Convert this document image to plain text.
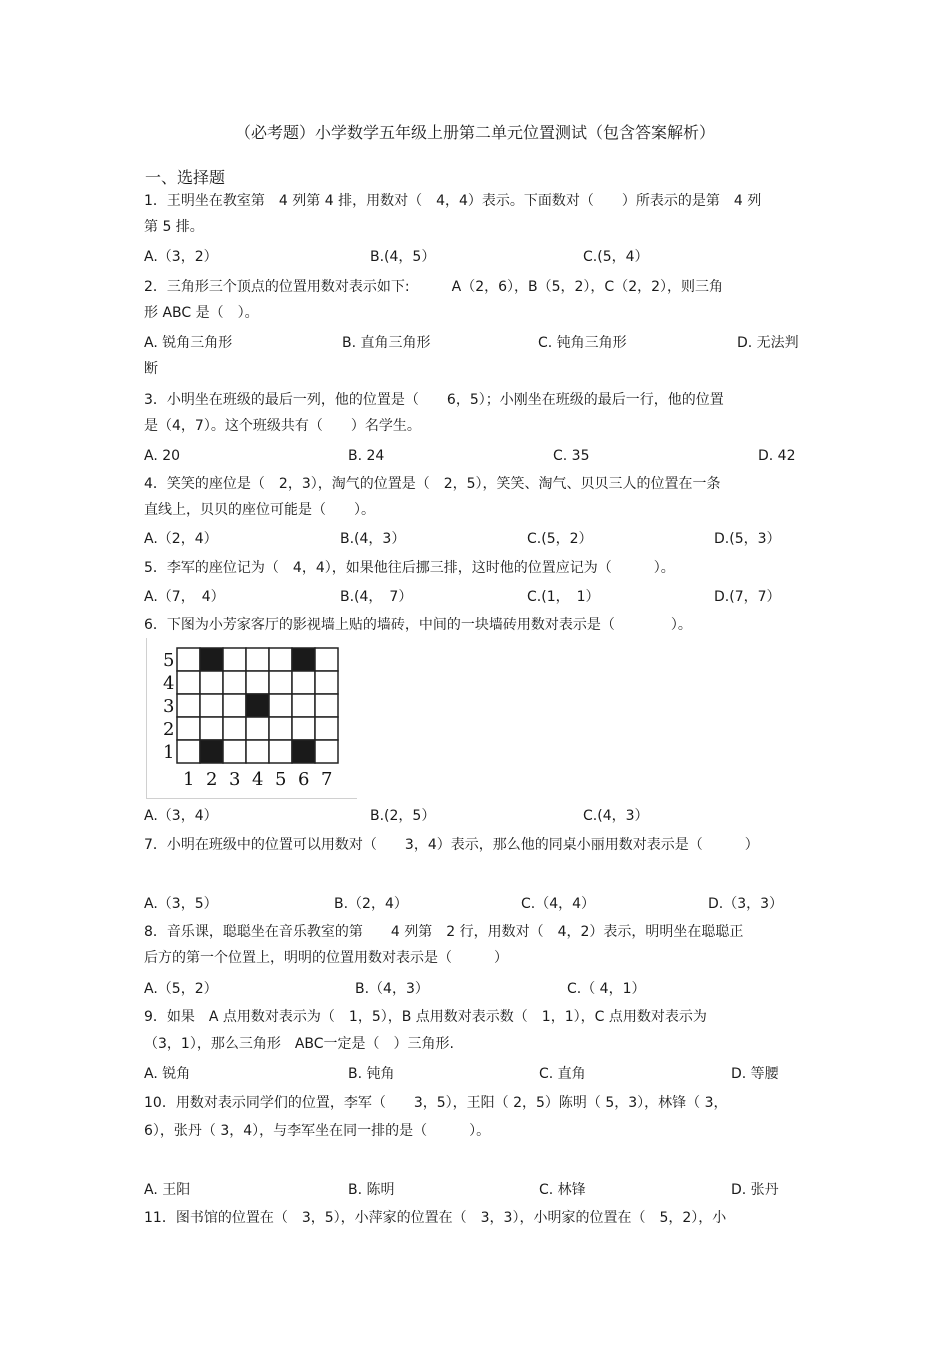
（必考题）小学数学五年级上册第二单元位置测试（包含答案解析）
一、选择题
1．王明坐在教室第　4 列第 4 排，用数对（　4，4）表示。下面数对（　　）所表示的是第　4 列
第 5 排。
A.（3，2）	B.(4，5）	C.(5，4）
2．三角形三个顶点的位置用数对表示如下:　　　A（2，6），B（5，2），C（2，2），则三角
形 ABC 是（　）。
A. 锐角三角形	B. 直角三角形	C. 钝角三角形	D. 无法判
断
3．小明坐在班级的最后一列，他的位置是（　　6，5）；小刚坐在班级的最后一行，他的位置
是（4，7）。这个班级共有（　　）名学生。
A. 20	B. 24	C. 35	D. 42
4．笑笑的座位是（　2，3），淘气的位置是（　2，5），笑笑、淘气、贝贝三人的位置在一条
直线上，贝贝的座位可能是（　　）。
A.（2，4）	B.(4，3）	C.(5，2）	D.(5，3）
5．李军的座位记为（　4，4），如果他往后挪三排，这时他的位置应记为（　　　）。
A.（7，　4）	B.(4，　7）	C.(1，　1）	D.(7，7）
6．下图为小芳家客厅的影视墙上贴的墙砖，中间的一块墙砖用数对表示是（　　　　）。
5
4
3
2
1
1 2 3 4 5 6 7
A.（3，4）	B.(2，5）	C.(4，3）
7．小明在班级中的位置可以用数对（　　3，4）表示，那么他的同桌小丽用数对表示是（　　　）
A.（3，5）	B.（2，4）	C.（4，4）	D.（3，3）
8．音乐课，聪聪坐在音乐教室的第　　4 列第　2 行，用数对（　4，2）表示，明明坐在聪聪正
后方的第一个位置上，明明的位置用数对表示是（　　　）
A.（5，2）	B.（4，3）	C.（ 4，1）
9．如果　A 点用数对表示为（　1，5），B 点用数对表示数（　1，1），C 点用数对表示为
（3，1），那么三角形　ABC一定是（　）三角形.
A. 锐角	B. 钝角	C. 直角	D. 等腰
10．用数对表示同学们的位置，李军（　　3，5），王阳（ 2，5）陈明（ 5，3），林锋（ 3，
6），张丹（ 3，4），与李军坐在同一排的是（　　　）。
A. 王阳	B. 陈明	C. 林锋	D. 张丹
11．图书馆的位置在（　3，5），小萍家的位置在（　3，3），小明家的位置在（　5，2），小
